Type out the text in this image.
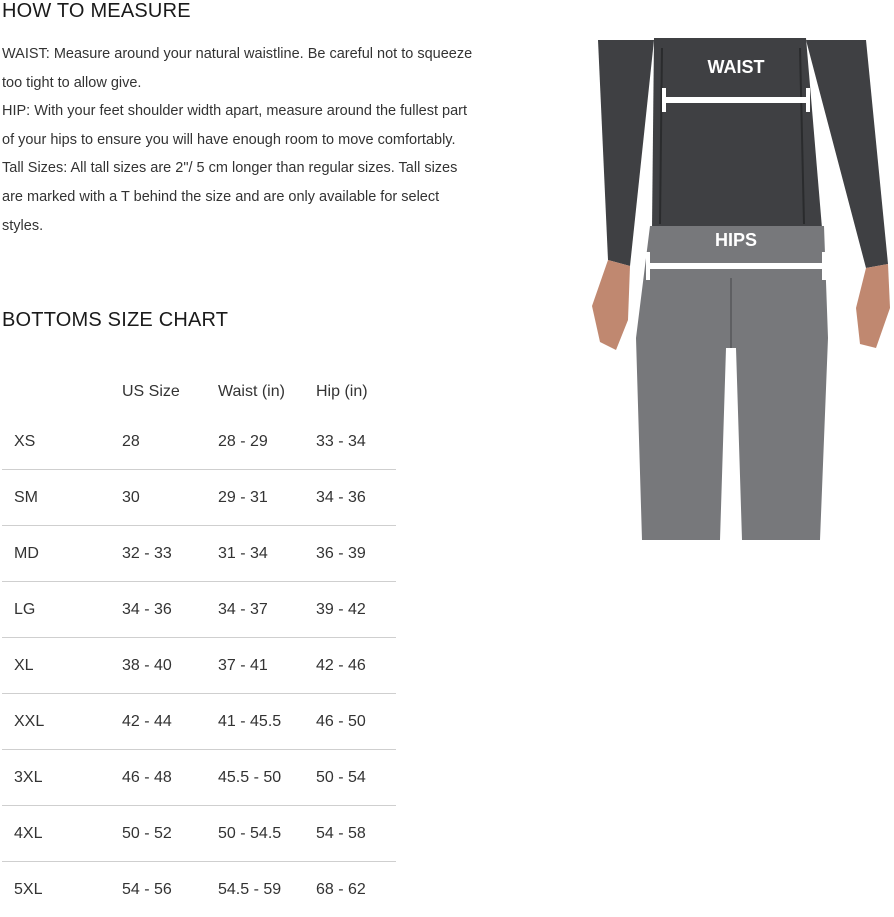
HOW TO MEASURE

WAIST: Measure around your natural waistline. Be careful not to squeeze too tight to allow give.

HIP: With your feet shoulder width apart, measure around the fullest part of your hips to ensure you will have enough room to move comfortably.

Tall Sizes: All tall sizes are 2"/ 5 cm longer than regular sizes. Tall sizes are marked with a T behind the size and are only available for select styles.

BOTTOMS SIZE CHART
	US Size	Waist (in)	Hip (in)
XS	28	28 - 29	33 - 34
SM	30	29 - 31	34 - 36
MD	32 - 33	31 - 34	36 - 39
LG	34 - 36	34 - 37	39 - 42
XL	38 - 40	37 - 41	42 - 46
XXL	42 - 44	41 - 45.5	46 - 50
3XL	46 - 48	45.5 - 50	50 - 54
4XL	50 - 52	50 - 54.5	54 - 58
5XL	54 - 56	54.5 - 59	68 - 62
WAIST
HIPS
